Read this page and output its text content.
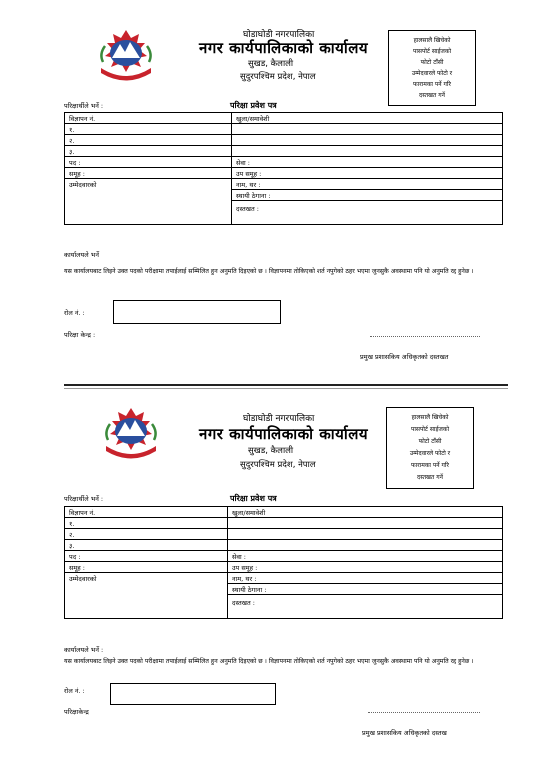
घोडाघोडी नगरपालिका
नगर कार्यपालिकाको कार्यालय
सुखड, कैलाली
सुदुरपश्चिम प्रदेश, नेपाल
हालसालै खिचेको
पासपोर्ट साईजको
फोटो टाँसी
उम्मेदवारले फोटो र
फारामका पर्ने गरि
दस्तखत गर्ने
परिक्षार्थीले भर्ने :	परिक्षा प्रवेश पत्र
विज्ञापन नं.	खुला/समावेशी
१.	
२.	
३.	
पद :	सेवा :
समूह :	उप समूह :
उम्मेदवारको	नाम, थर :
	स्थायी ठेगाना :
	दस्तखत :
कार्यालयले भर्ने
यस कार्यालयबाट लिइने उक्त पदको परीक्षामा तपाईलाई सम्मिलित हुन अनुमति दिइएको छ । विज्ञापनमा तोकिएको शर्त नपुगेको ठहर भएमा जुनसुकै अवस्थामा पनि यो अनुमति रद्द हुनेछ ।
रोल नं. :
परिक्षा केन्द्र :
प्रमुख प्रशासकिय अधिकृतको दस्तखत
घोडाघोडी नगरपालिका
नगर कार्यपालिकाको कार्यालय
सुखड, कैलाली
सुदुरपश्चिम प्रदेश, नेपाल
हालसालै खिचेको
पासपोर्ट साईजको
फोटो टाँसी
उम्मेदवारले फोटो र
फारामका पर्ने गरि
दस्तखत गर्ने
परिक्षार्थीले भर्ने :	परिक्षा प्रवेश पत्र
विज्ञापन नं.	खुला/समावेशी
१.	
२.	
३.	
पद :	सेवा :
समूह :	उप समूह :
उम्मेदवारको	नाम, थर :
	स्थायी ठेगाना :
	दस्तखत :
कार्यालयले भर्ने :
यस कार्यालयबाट लिइने उक्त पदको परीक्षामा तपाईलाई सम्मिलित हुन अनुमति दिइएको छ । विज्ञापनमा तोकिएको शर्त नपुगेको ठहर भएमा जुनसुकै अवस्थामा पनि यो अनुमति रद्द हुनेछ ।
रोल नं. :
परिक्षाकेन्द्र
प्रमुख प्रशासकिय अधिकृतको दस्तख
